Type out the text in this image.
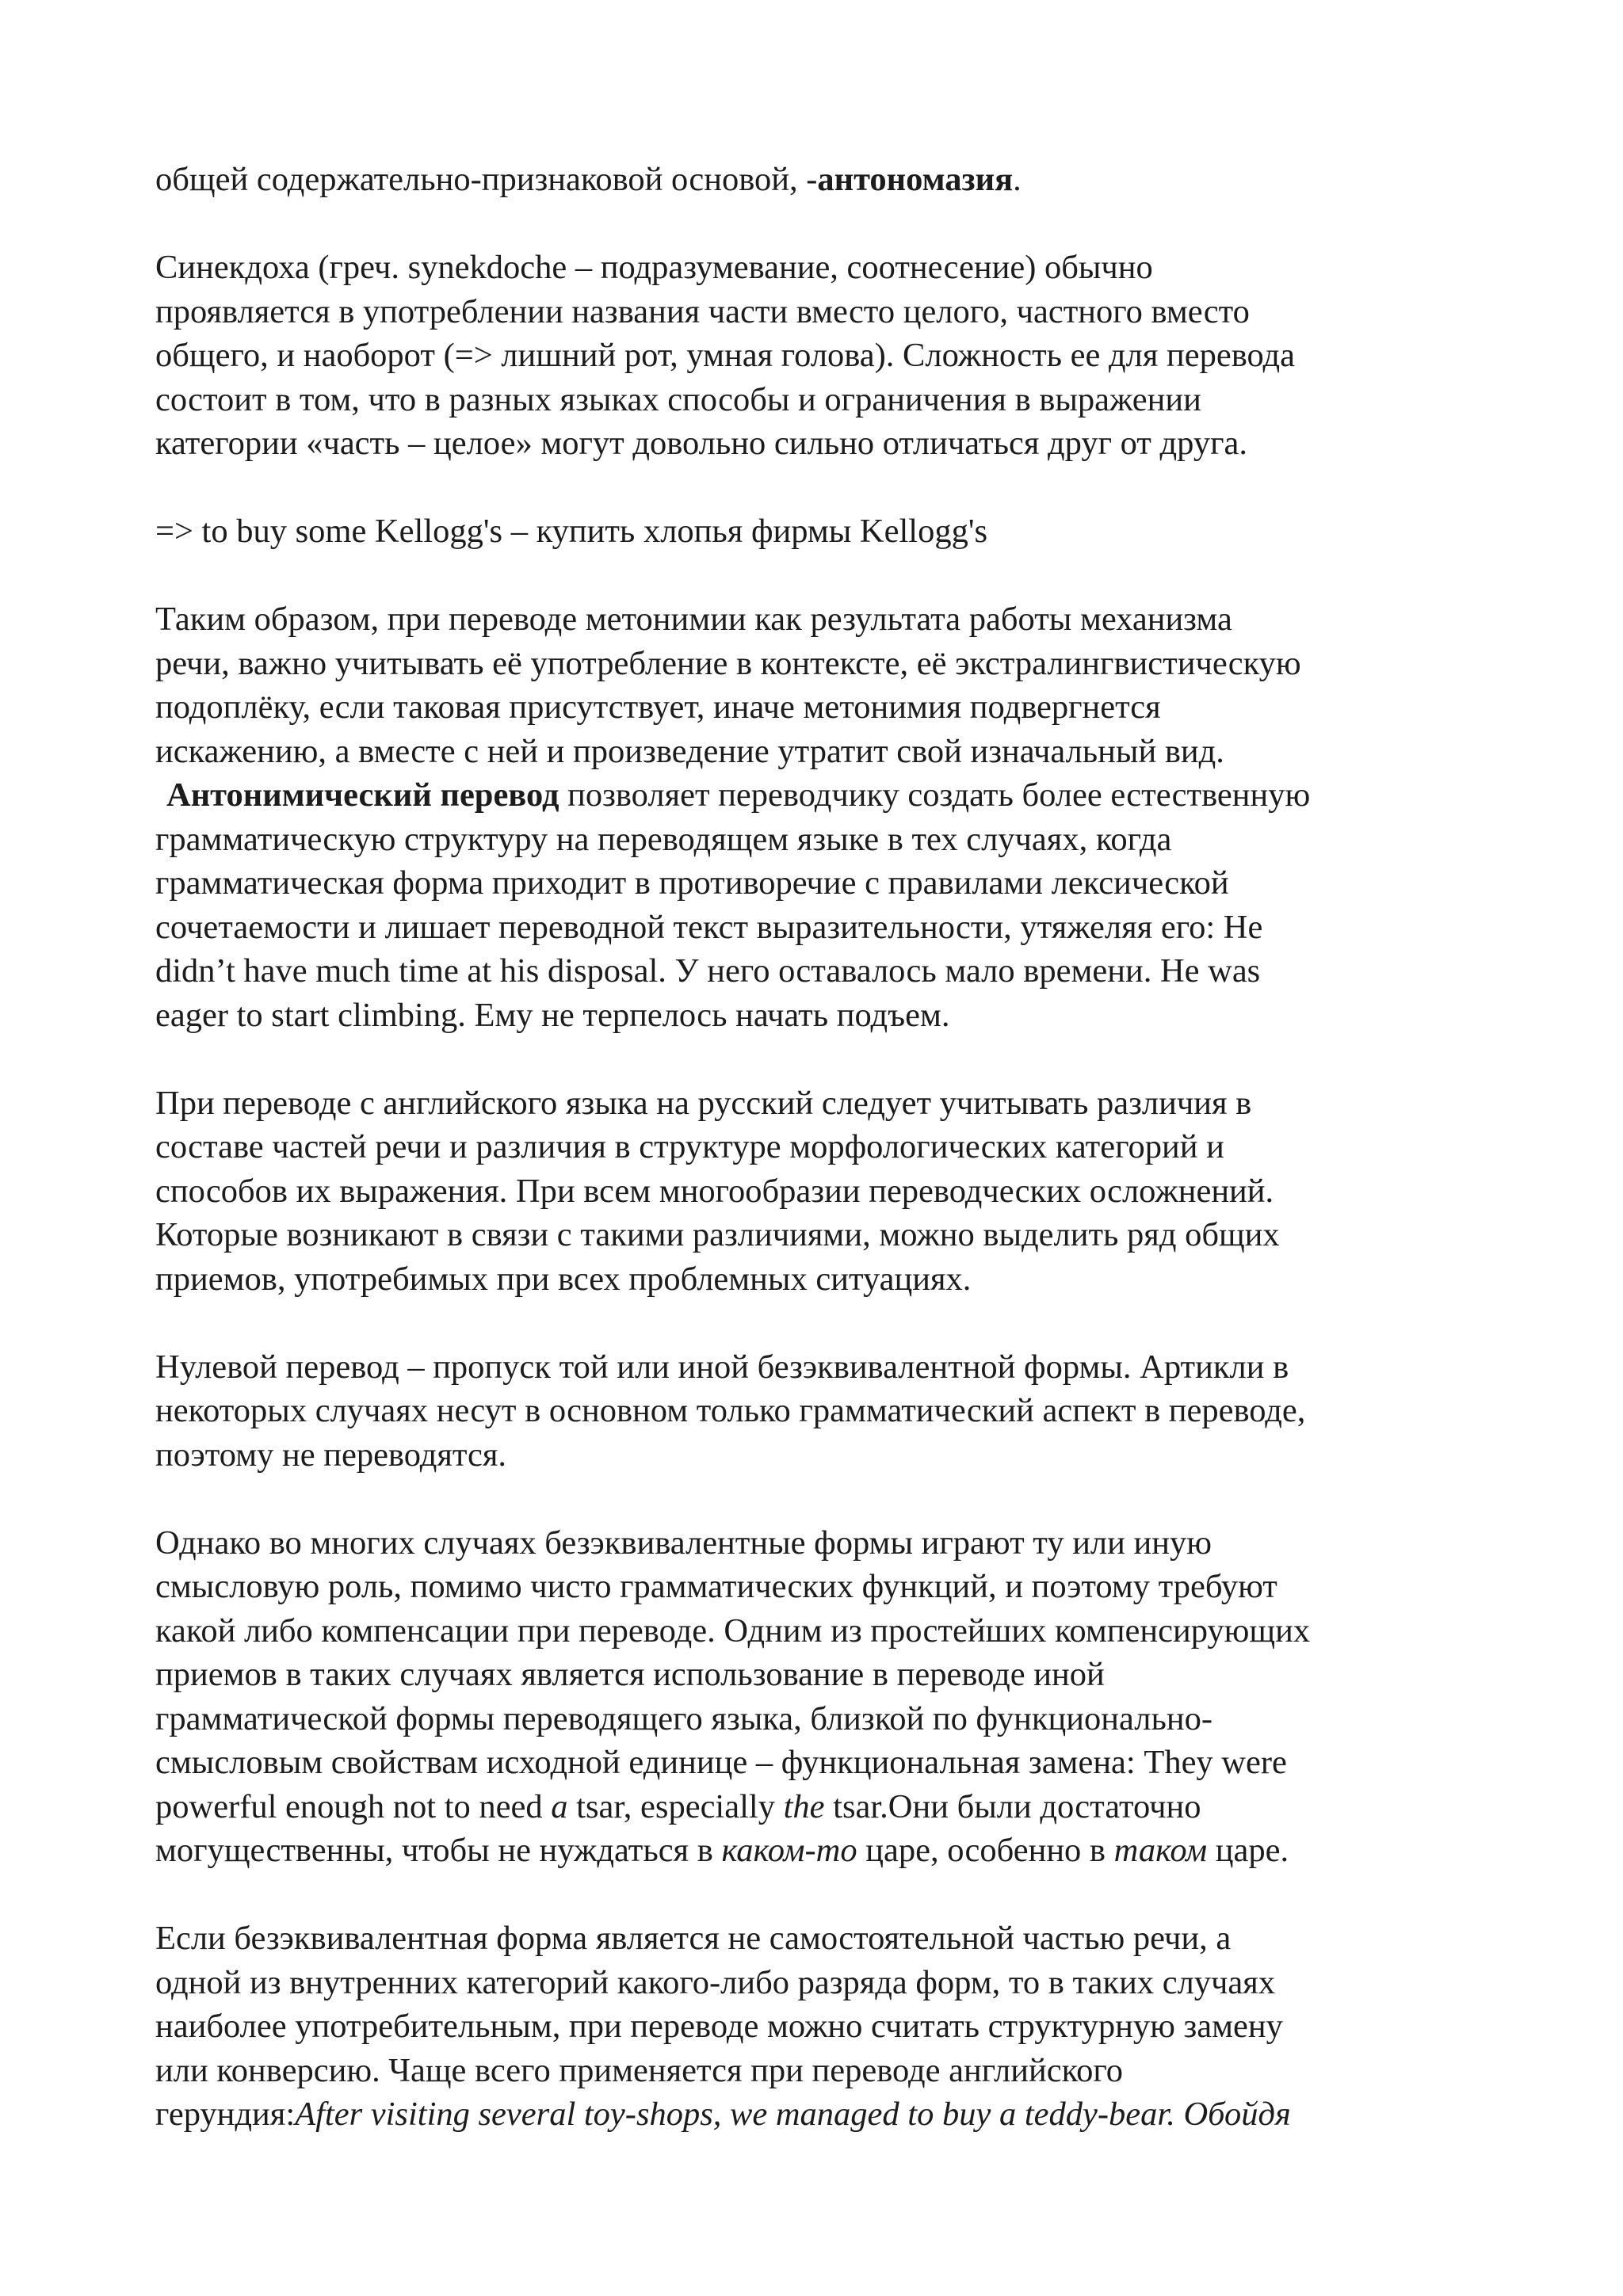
общей содержательно-признаковой основой, -антономазия.

Синекдоха (греч. synekdoche – подразумевание, соотнесение) обычно
проявляется в употреблении названия части вместо целого, частного вместо
общего, и наоборот (=> лишний рот, умная голова). Сложность ее для перевода
состоит в том, что в разных языках способы и ограничения в выражении
категории «часть – целое» могут довольно сильно отличаться друг от друга.

=> to buy some Kellogg's – купить хлопья фирмы Kellogg's

Таким образом, при переводе метонимии как результата работы механизма
речи, важно учитывать её употребление в контексте, её экстралингвистическую
подоплёку, если таковая присутствует, иначе метонимия подвергнется
искажению, а вместе с ней и произведение утратит свой изначальный вид.
Антонимический перевод позволяет переводчику создать более естественную
грамматическую структуру на переводящем языке в тех случаях, когда
грамматическая форма приходит в противоречие с правилами лексической
сочетаемости и лишает переводной текст выразительности, утяжеляя его: He
didn’t have much time at his disposal. У него оставалось мало времени. He was
eager to start climbing. Ему не терпелось начать подъем.

При переводе с английского языка на русский следует учитывать различия в
составе частей речи и различия в структуре морфологических категорий и
способов их выражения. При всем многообразии переводческих осложнений.
Которые возникают в связи с такими различиями, можно выделить ряд общих
приемов, употребимых при всех проблемных ситуациях.

Нулевой перевод – пропуск той или иной безэквивалентной формы. Артикли в
некоторых случаях несут в основном только грамматический аспект в переводе,
поэтому не переводятся.

Однако во многих случаях безэквивалентные формы играют ту или иную
смысловую роль, помимо чисто грамматических функций, и поэтому требуют
какой либо компенсации при переводе. Одним из простейших компенсирующих
приемов в таких случаях является использование в переводе иной
грамматической формы переводящего языка, близкой по функционально-
смысловым свойствам исходной единице – функциональная замена: They were
powerful enough not to need a tsar, especially the tsar.Они были достаточно
могущественны, чтобы не нуждаться в каком-то царе, особенно в таком царе.

Если безэквивалентная форма является не самостоятельной частью речи, а
одной из внутренних категорий какого-либо разряда форм, то в таких случаях
наиболее употребительным, при переводе можно считать структурную замену
или конверсию. Чаще всего применяется при переводе английского
герундия:After visiting several toy-shops, we managed to buy a teddy-bear. Обойдя
